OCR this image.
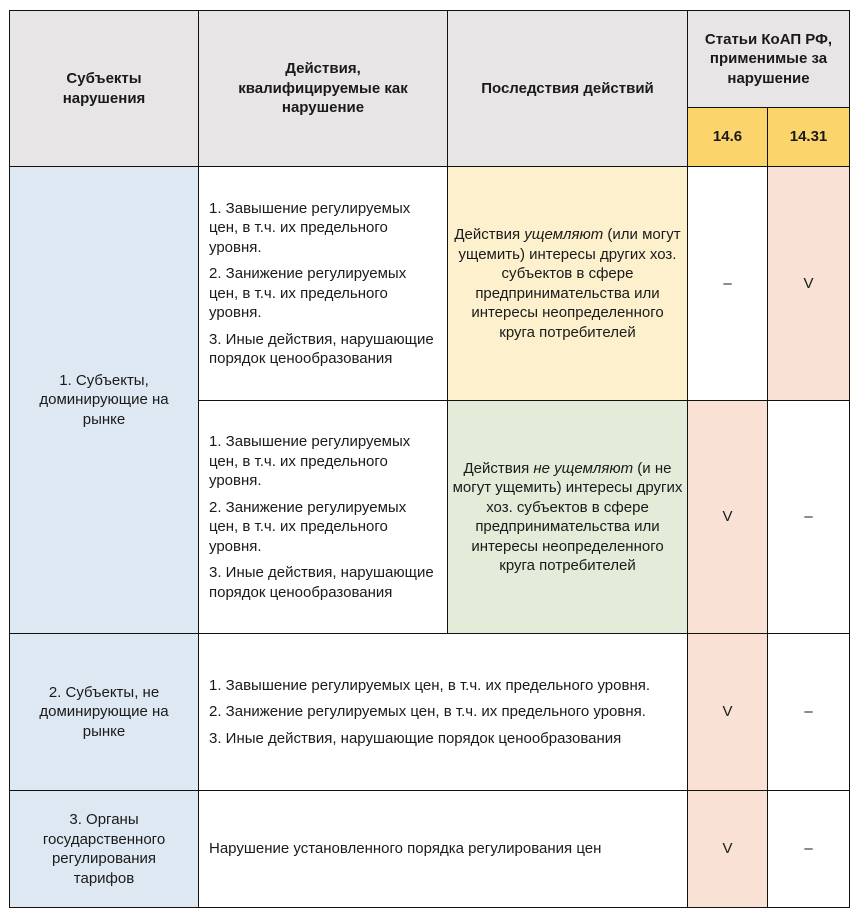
Субъекты нарушения	Действия, квалифицируемые как нарушение	Последствия действий	Статьи КоАП РФ, применимые за нарушение	
			14.6	14.31
1. Субъекты, доминирующие на рынке	1. Завышение регулируемых цен, в т.ч. их предельного уровня.

2. Занижение регулируемых цен, в т.ч. их предельного уровня.

3. Иные действия, нарушающие порядок ценообразования	Действия ущемляют (или могут ущемить) интересы других хоз. субъектов в сфере предпринимательства или интересы неопределенного круга потребителей	–	V

	1. Завышение регулируемых цен, в т.ч. их предельного уровня.

2. Занижение регулируемых цен, в т.ч. их предельного уровня.

3. Иные действия, нарушающие порядок ценообразования	Действия не ущемляют (и не могут ущемить) интересы других хоз. субъектов в сфере предпринимательства или интересы неопределенного круга потребителей	V	–
2. Субъекты, не доминирующие на рынке	1. Завышение регулируемых цен, в т.ч. их предельного уровня.

2. Занижение регулируемых цен, в т.ч. их предельного уровня.

3. Иные действия, нарушающие порядок ценообразования		V	–
3. Органы государственного регулирования тарифов	Нарушение установленного порядка регулирования цен		V	–
